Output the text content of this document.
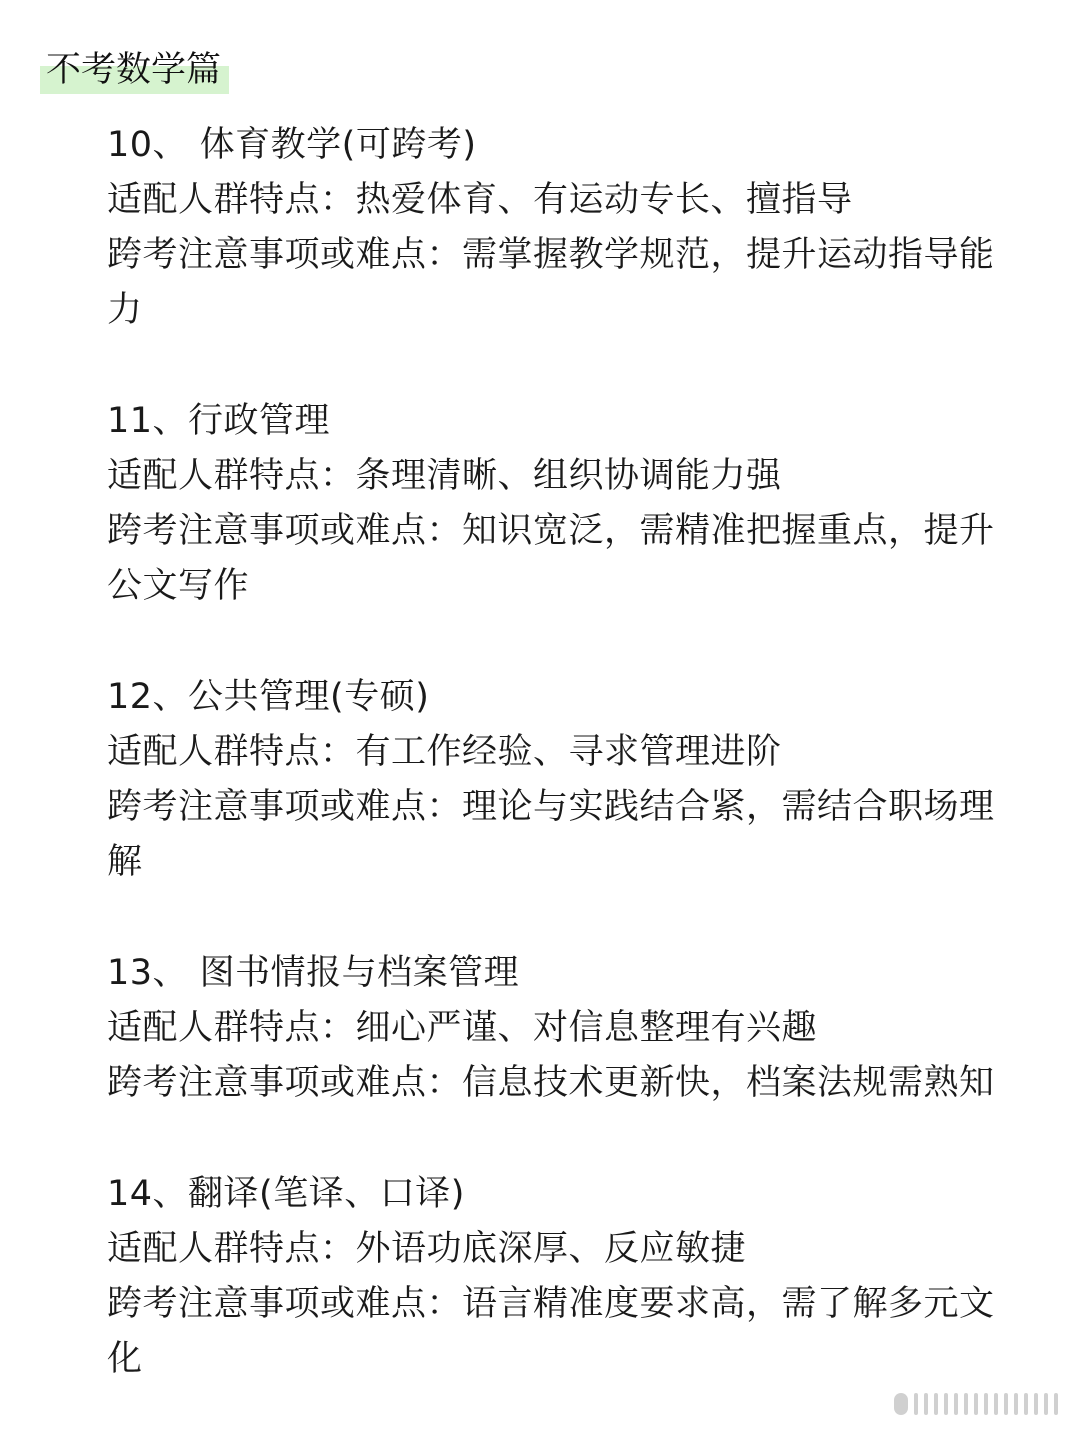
不考数学篇

10、 体育教学(可跨考)

适配人群特点：热爱体育、有运动专长、擅指导

跨考注意事项或难点：需掌握教学规范，提升运动指导能力

11、行政管理

适配人群特点：条理清晰、组织协调能力强

跨考注意事项或难点：知识宽泛，需精准把握重点，提升公文写作

12、公共管理(专硕)

适配人群特点：有工作经验、寻求管理进阶

跨考注意事项或难点：理论与实践结合紧，需结合职场理解

13、 图书情报与档案管理

适配人群特点：细心严谨、对信息整理有兴趣

跨考注意事项或难点：信息技术更新快，档案法规需熟知

14、翻译(笔译、口译)

适配人群特点：外语功底深厚、反应敏捷

跨考注意事项或难点：语言精准度要求高，需了解多元文化
